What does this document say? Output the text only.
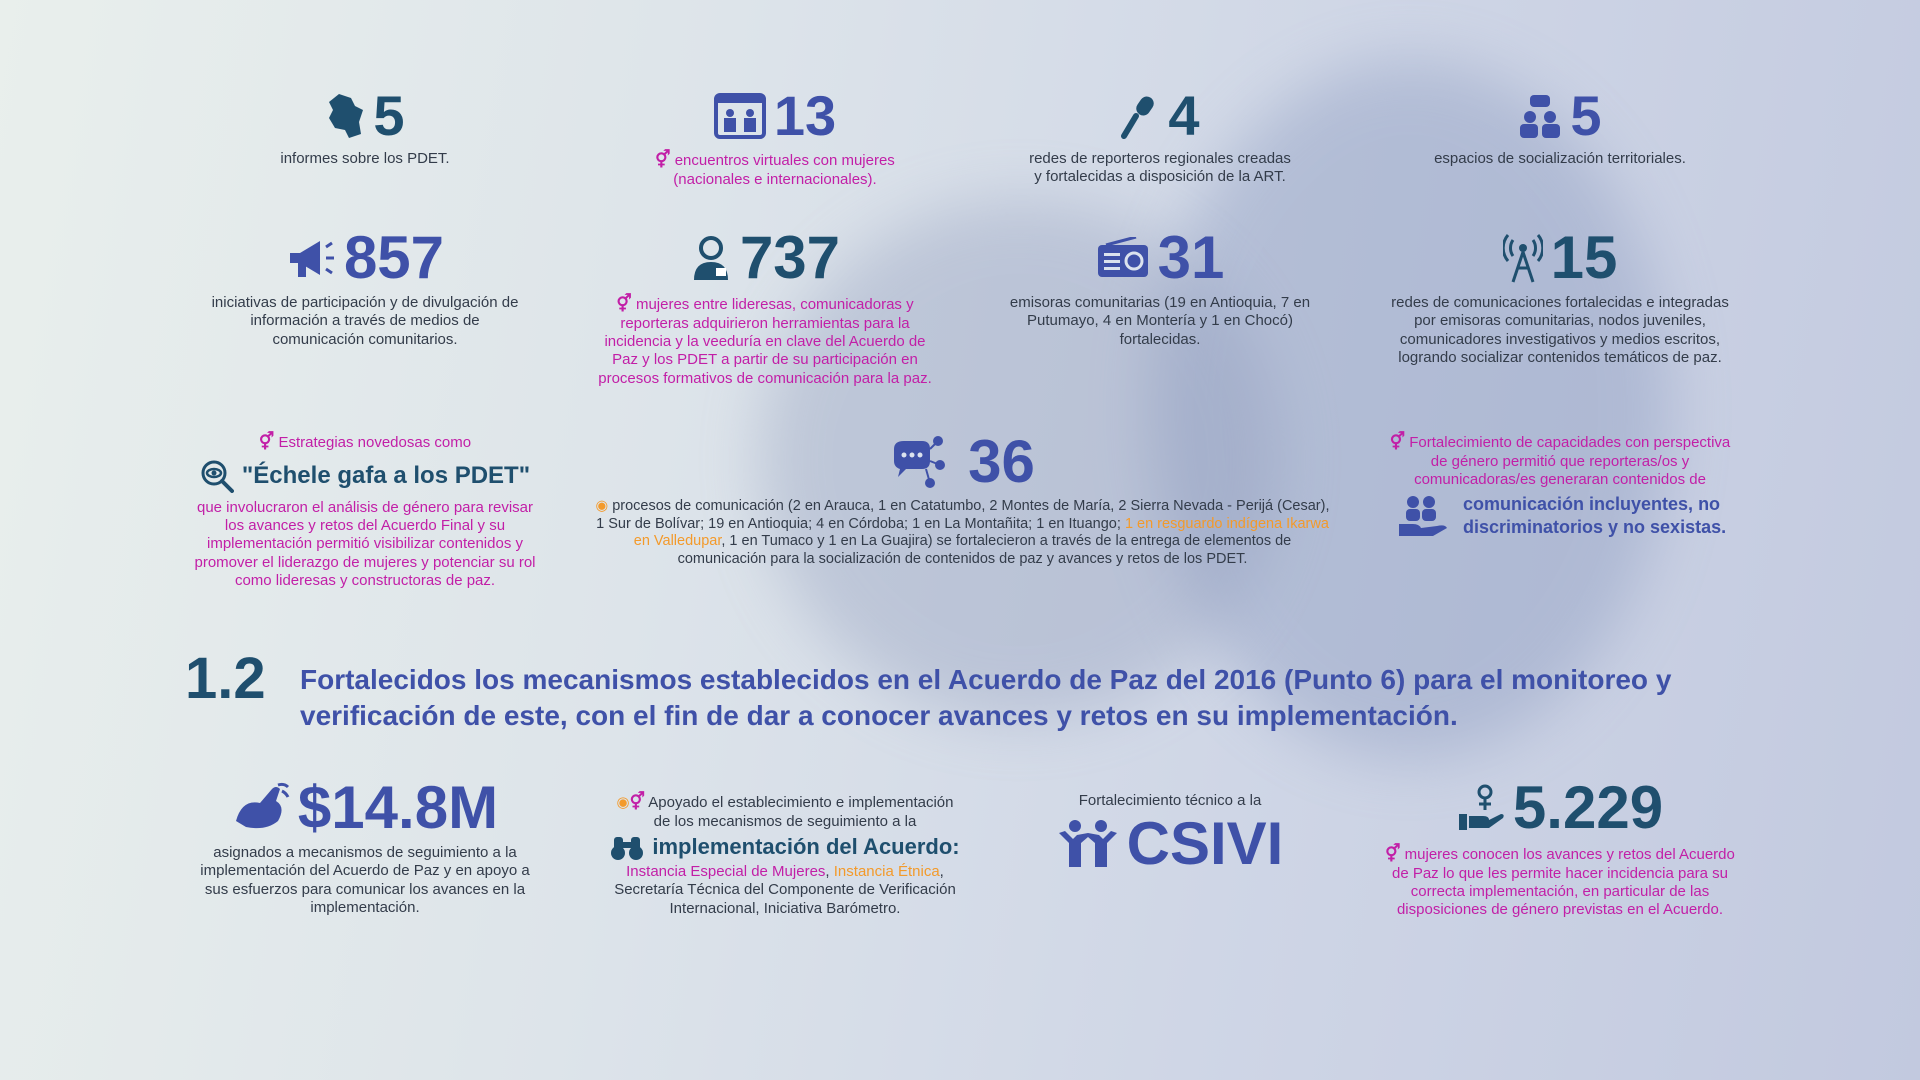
5
informes sobre los PDET.
13
⚥ encuentros virtuales con mujeres (nacionales e internacionales).
4
redes de reporteros regionales creadas y fortalecidas a disposición de la ART.
5
espacios de socialización territoriales.
857
iniciativas de participación y de divulgación de información a través de medios de comunicación comunitarios.
737
⚥ mujeres entre lideresas, comunicadoras y reporteras adquirieron herramientas para la incidencia y la veeduría en clave del Acuerdo de Paz y los PDET a partir de su participación en procesos formativos de comunicación para la paz.
31
emisoras comunitarias (19 en Antioquia, 7 en Putumayo, 4 en Montería y 1 en Chocó) fortalecidas.
15
redes de comunicaciones fortalecidas e integradas por emisoras comunitarias, nodos juveniles, comunicadores investigativos y medios escritos, logrando socializar contenidos temáticos de paz.
⚥ Estrategias novedosas como
"Échele gafa a los PDET"
que involucraron el análisis de género para revisar los avances y retos del Acuerdo Final y su implementación permitió visibilizar contenidos y promover el liderazgo de mujeres y potenciar su rol como lideresas y constructoras de paz.
36
◉ procesos de comunicación (2 en Arauca, 1 en Catatumbo, 2 Montes de María, 2 Sierra Nevada - Perijá (Cesar), 1 Sur de Bolívar; 19 en Antioquia; 4 en Córdoba; 1 en La Montañita; 1 en Ituango; 1 en resguardo indígena Ikarwa en Valledupar, 1 en Tumaco y 1 en La Guajira) se fortalecieron a través de la entrega de elementos de comunicación para la socialización de contenidos de paz y avances y retos de los PDET.
⚥ Fortalecimiento de capacidades con perspectiva de género permitió que reporteras/os y comunicadoras/es generaran contenidos de
comunicación incluyentes, no discriminatorios y no sexistas.
1.2 Fortalecidos los mecanismos establecidos en el Acuerdo de Paz del 2016 (Punto 6) para el monitoreo y verificación de este, con el fin de dar a conocer avances y retos en su implementación.
$14.8M
asignados a mecanismos de seguimiento a la implementación del Acuerdo de Paz y en apoyo a sus esfuerzos para comunicar los avances en la implementación.
◉⚥ Apoyado el establecimiento e implementación de los mecanismos de seguimiento a la
implementación del Acuerdo:
Instancia Especial de Mujeres, Instancia Étnica, Secretaría Técnica del Componente de Verificación Internacional, Iniciativa Barómetro.
Fortalecimiento técnico a la
CSIVI
5.229
⚥ mujeres conocen los avances y retos del Acuerdo de Paz lo que les permite hacer incidencia para su correcta implementación, en particular de las disposiciones de género previstas en el Acuerdo.
